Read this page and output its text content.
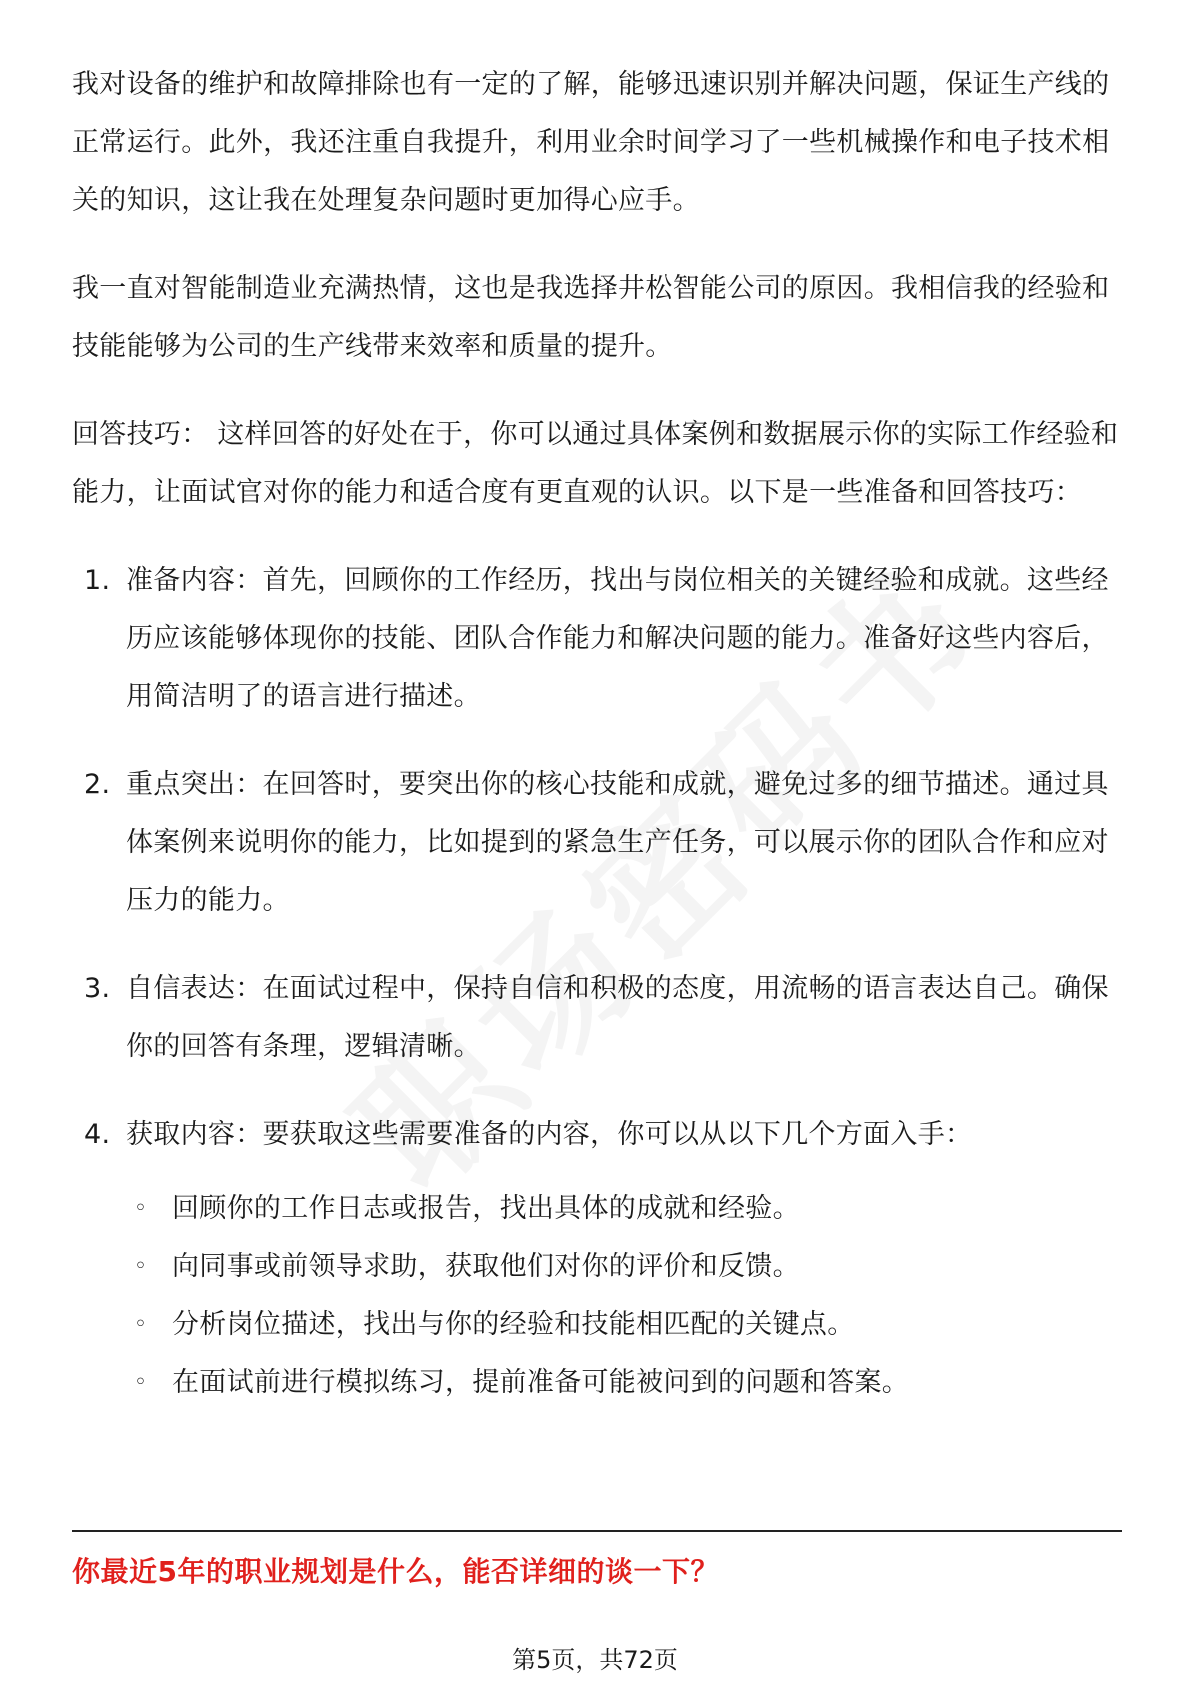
我对设备的维护和故障排除也有一定的了解，能够迅速识别并解决问题，保证生产线的正常运行。此外，我还注重自我提升，利用业余时间学习了一些机械操作和电子技术相关的知识，这让我在处理复杂问题时更加得心应手。

我一直对智能制造业充满热情，这也是我选择井松智能公司的原因。我相信我的经验和技能能够为公司的生产线带来效率和质量的提升。

回答技巧： 这样回答的好处在于，你可以通过具体案例和数据展示你的实际工作经验和能力，让面试官对你的能力和适合度有更直观的认识。以下是一些准备和回答技巧：

1. 准备内容：首先，回顾你的工作经历，找出与岗位相关的关键经验和成就。这些经历应该能够体现你的技能、团队合作能力和解决问题的能力。准备好这些内容后，用简洁明了的语言进行描述。
2. 重点突出：在回答时，要突出你的核心技能和成就，避免过多的细节描述。通过具体案例来说明你的能力，比如提到的紧急生产任务，可以展示你的团队合作和应对压力的能力。
3. 自信表达：在面试过程中，保持自信和积极的态度，用流畅的语言表达自己。确保你的回答有条理，逻辑清晰。
4. 获取内容：要获取这些需要准备的内容，你可以从以下几个方面入手：
◦ 回顾你的工作日志或报告，找出具体的成就和经验。
◦ 向同事或前领导求助，获取他们对你的评价和反馈。
◦ 分析岗位描述，找出与你的经验和技能相匹配的关键点。
◦ 在面试前进行模拟练习，提前准备可能被问到的问题和答案。
你最近5年的职业规划是什么，能否详细的谈一下？
第5页，共72页
